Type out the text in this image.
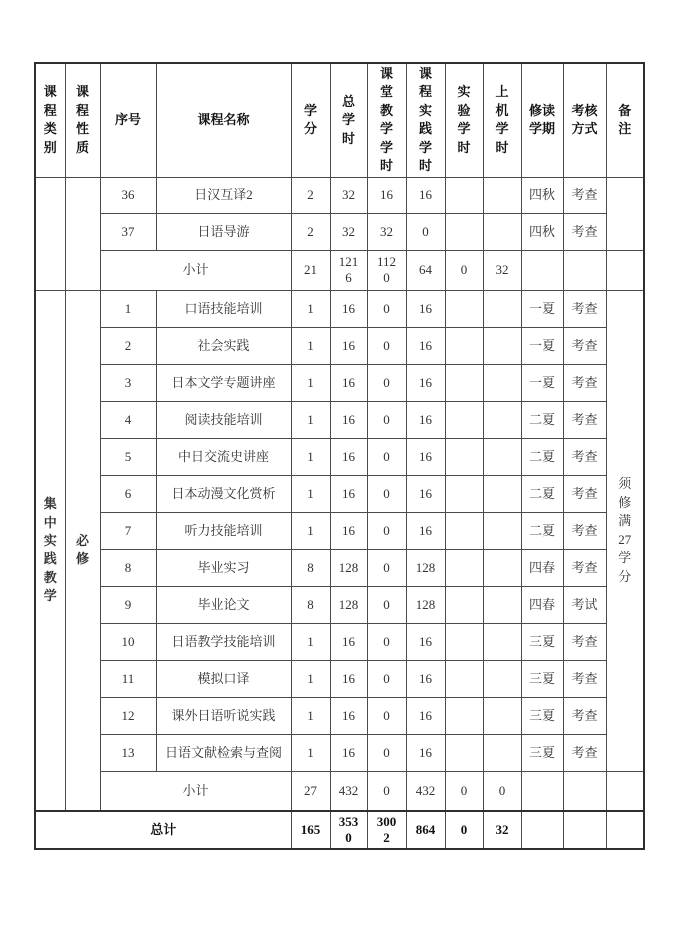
课程类别	课程性质	序号	课程名称	学分	总学时	课堂教学学时	课程实践学时	实验学时	上机学时	修读学期	考核方式	备注
		36	日汉互译2	2	32	16	16			四秋	考查	
		37	日语导游	2	32	32	0			四秋	考查	
		小计		21	1216	1120	64	0	32			
集中实践教学	必修	1	口语技能培训	1	16	0	16			一夏	考查	须修满27学分
		2	社会实践	1	16	0	16			一夏	考查	
		3	日本文学专题讲座	1	16	0	16			一夏	考查	
		4	阅读技能培训	1	16	0	16			二夏	考查	
		5	中日交流史讲座	1	16	0	16			二夏	考查	
		6	日本动漫文化赏析	1	16	0	16			二夏	考查	
		7	听力技能培训	1	16	0	16			二夏	考查	
		8	毕业实习	8	128	0	128			四春	考查	
		9	毕业论文	8	128	0	128			四春	考试	
		10	日语教学技能培训	1	16	0	16			三夏	考查	
		11	模拟口译	1	16	0	16			三夏	考查	
		12	课外日语听说实践	1	16	0	16			三夏	考查	
		13	日语文献检索与查阅	1	16	0	16			三夏	考查	
		小计		27	432	0	432	0	0			
总计				165	3530	3002	864	0	32			
